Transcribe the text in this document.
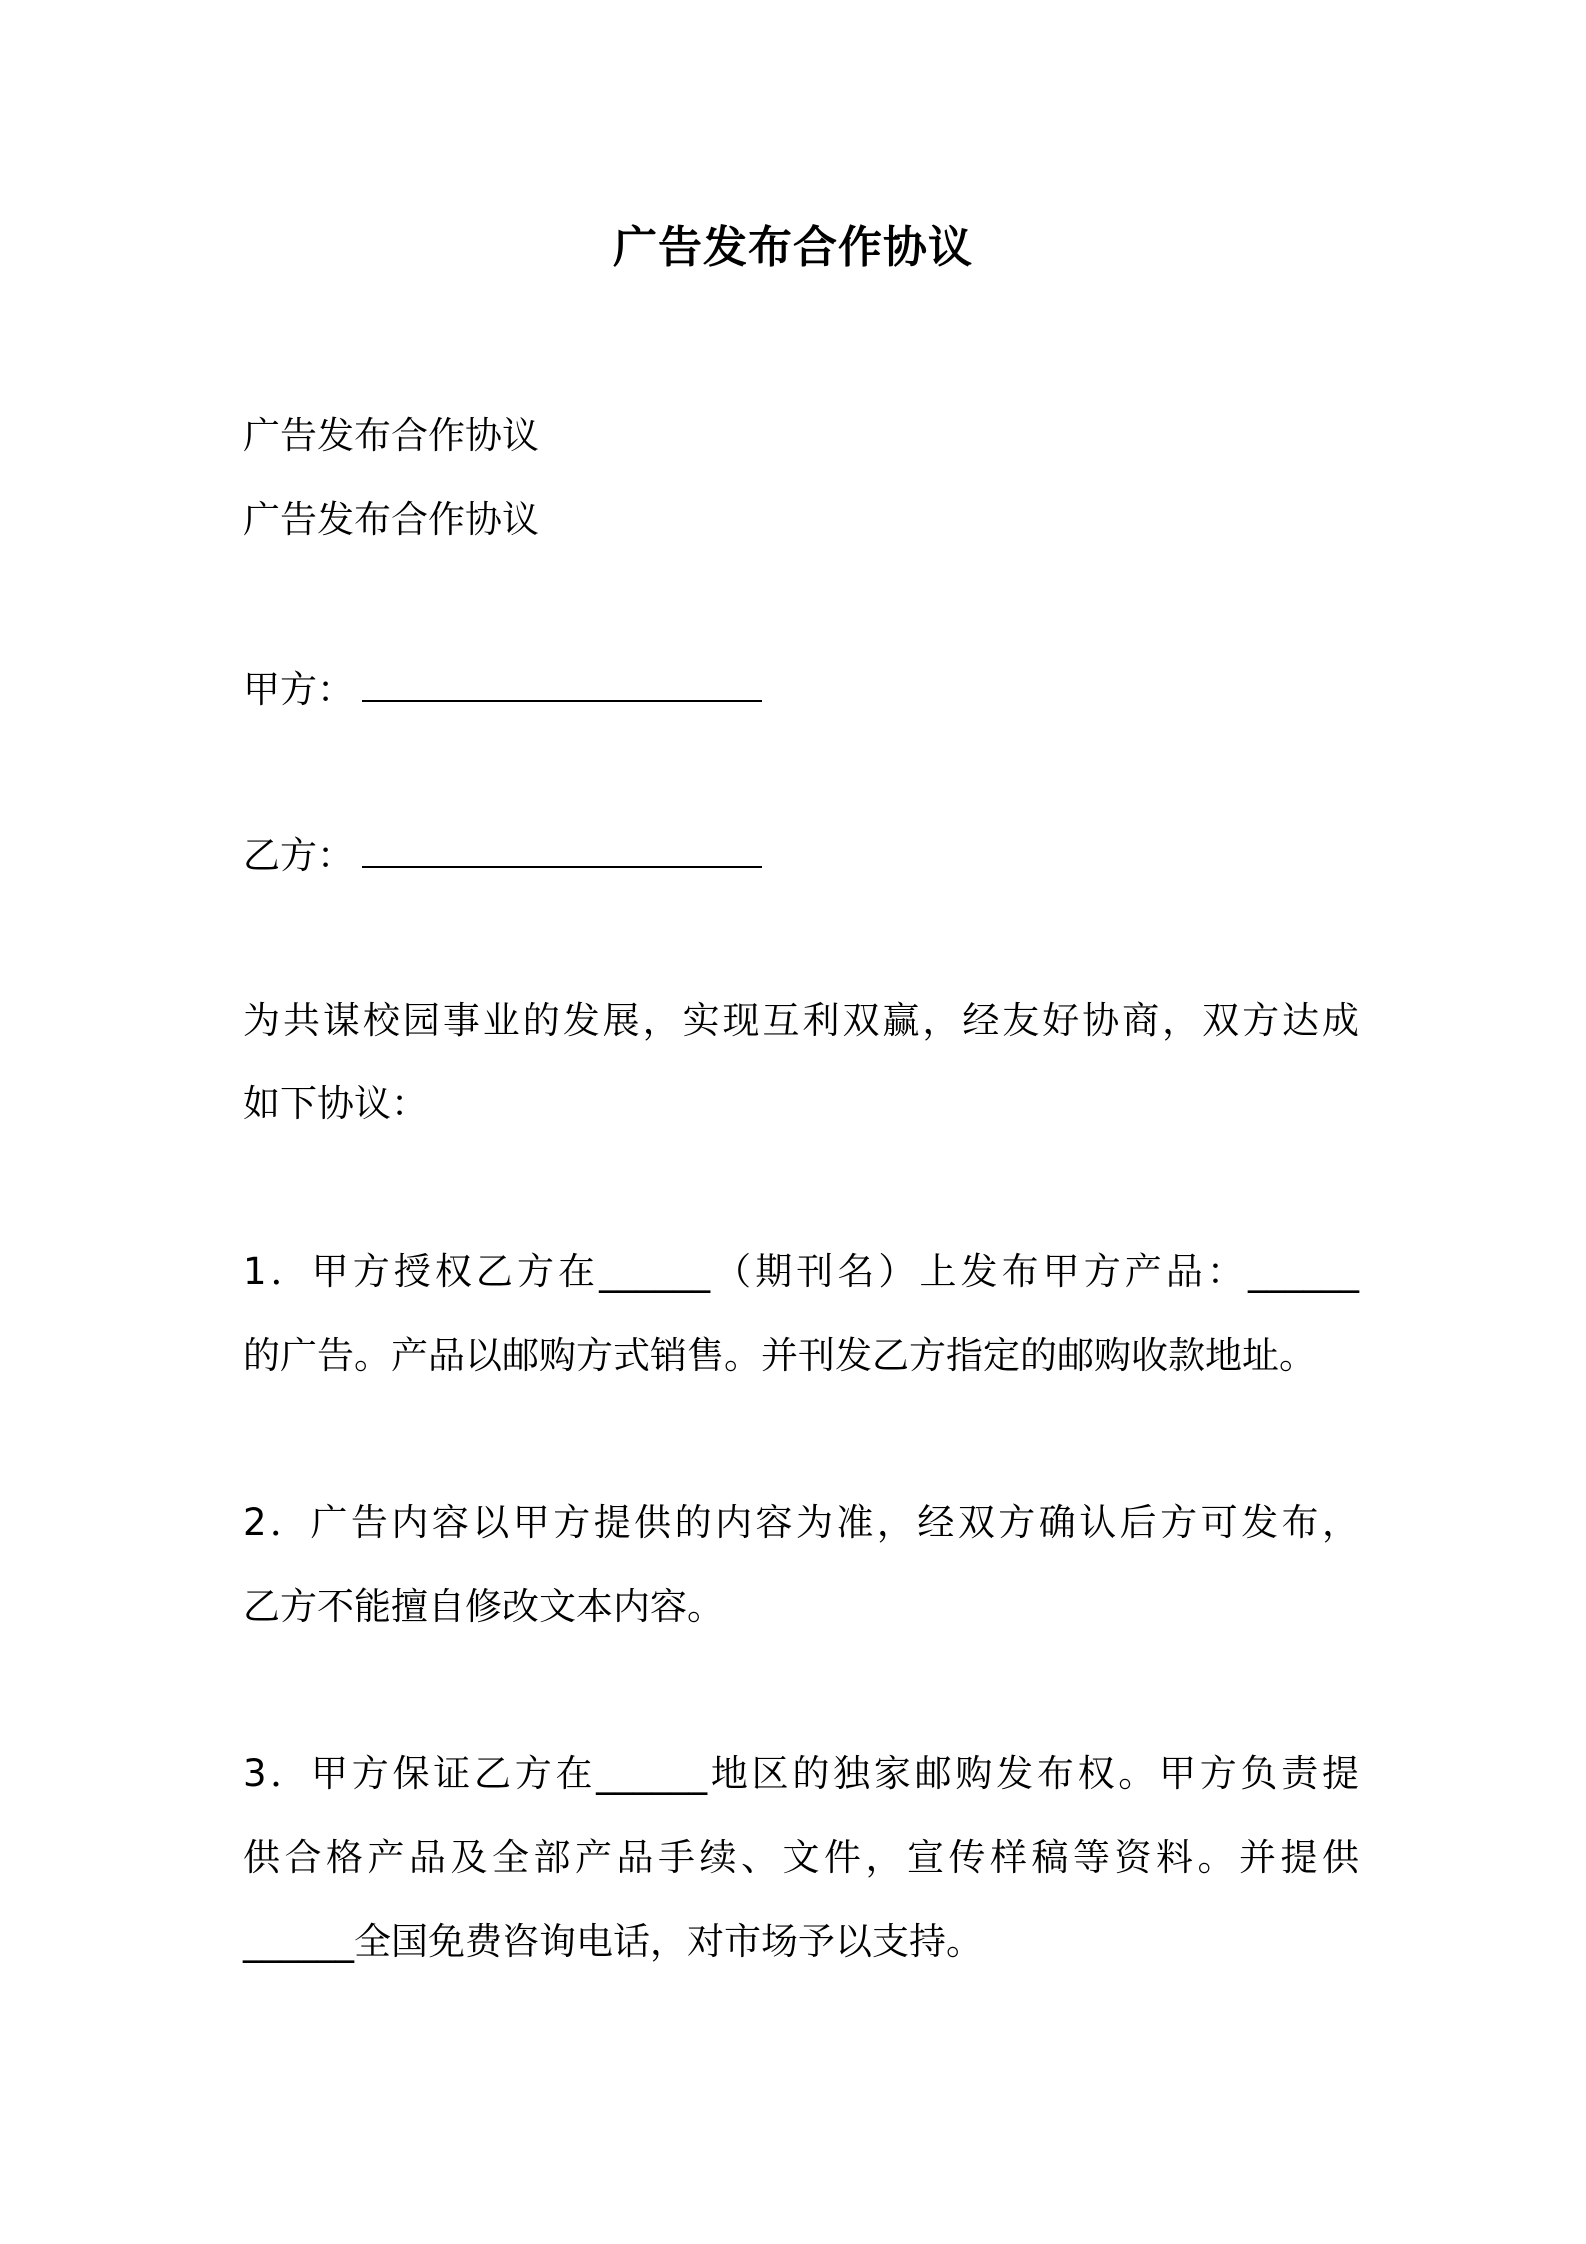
广告发布合作协议
广告发布合作协议
广告发布合作协议
甲方：
乙方：
为共谋校园事业的发展，实现互利双赢，经友好协商，双方达成
如下协议：
1．甲方授权乙方在______（期刊名）上发布甲方产品：______
的广告。产品以邮购方式销售。并刊发乙方指定的邮购收款地址。
2．广告内容以甲方提供的内容为准，经双方确认后方可发布，
乙方不能擅自修改文本内容。
3．甲方保证乙方在______地区的独家邮购发布权。甲方负责提
供合格产品及全部产品手续、文件，宣传样稿等资料。并提供
______全国免费咨询电话，对市场予以支持。
